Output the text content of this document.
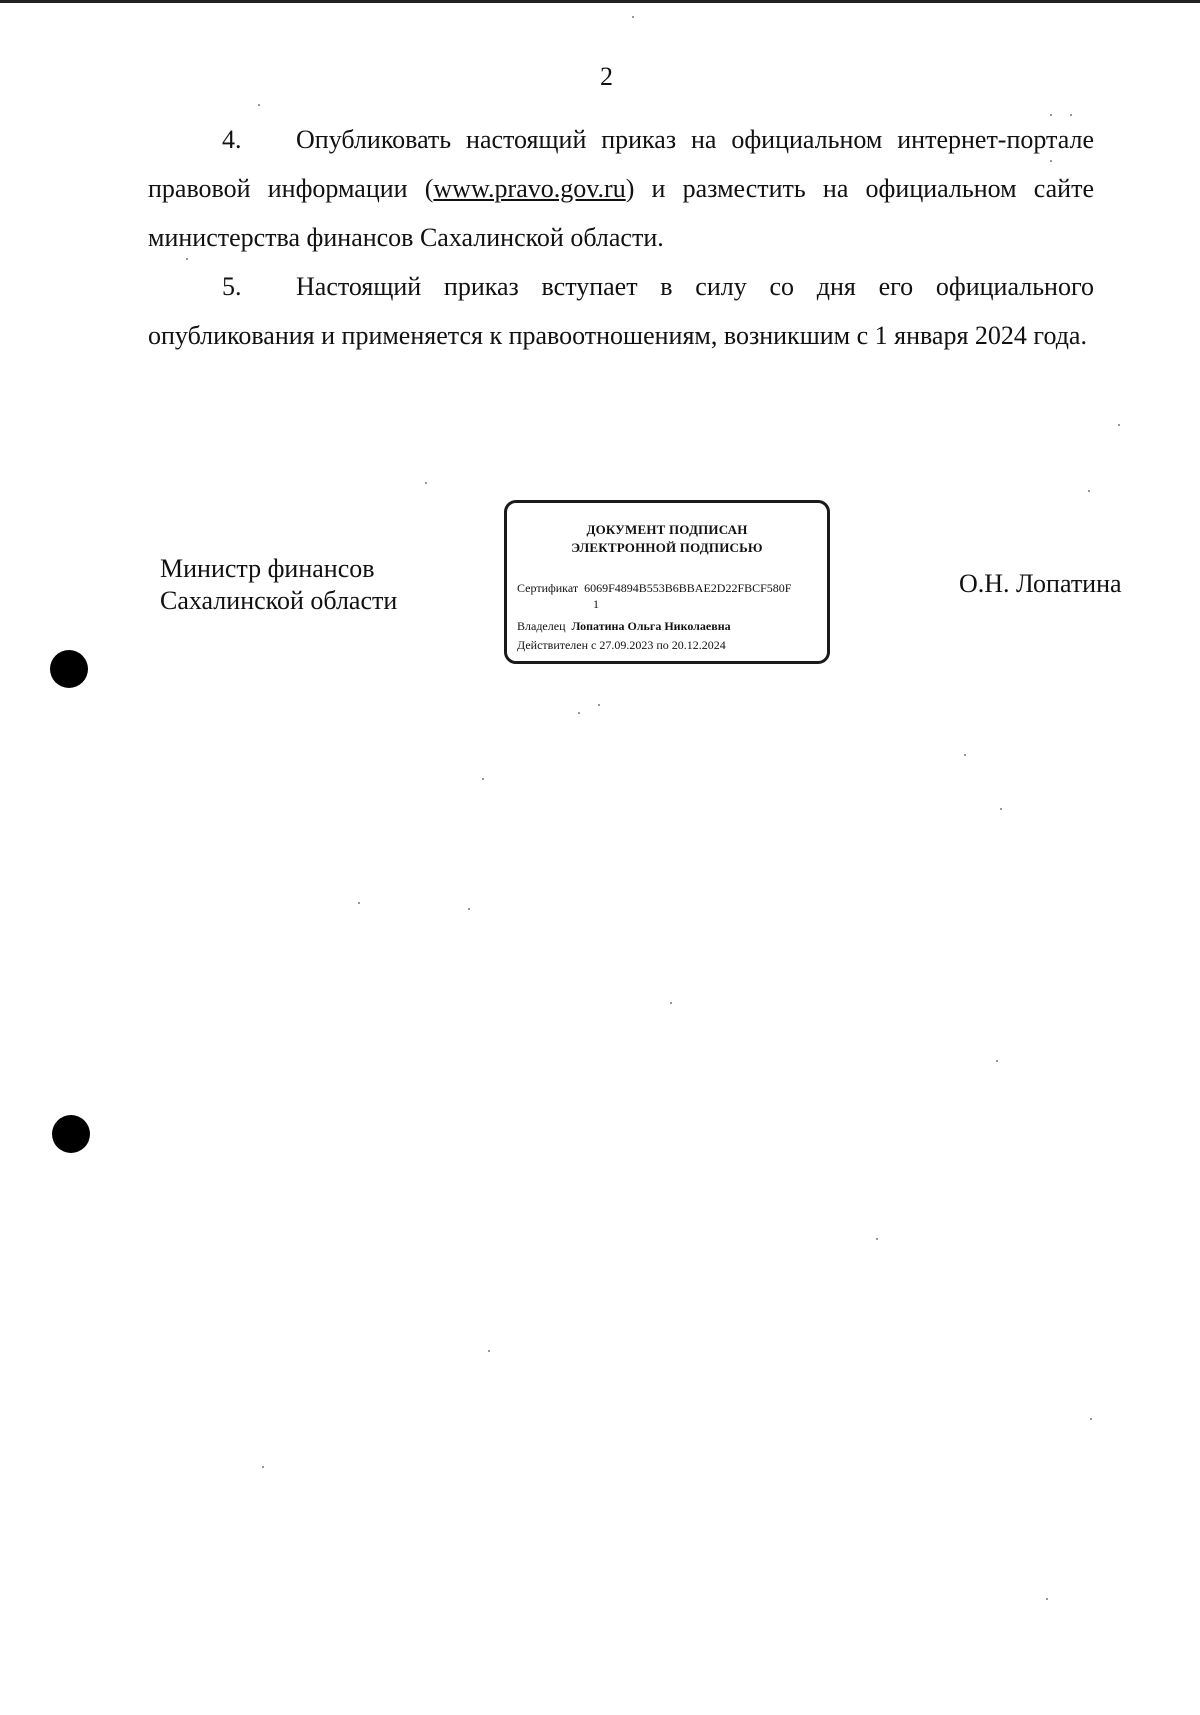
2

4. Опубликовать настоящий приказ на официальном интернет-портале правовой информации (www.pravo.gov.ru) и разместить на официальном сайте министерства финансов Сахалинской области.

5. Настоящий приказ вступает в силу со дня его официального опубликования и применяется к правоотношениям, возникшим с 1 января 2024 года.

Министр финансов
Сахалинской области
ДОКУМЕНТ ПОДПИСАН
ЭЛЕКТРОННОЙ ПОДПИСЬЮ
Сертификат 6069F4894B553B6BBAE2D22FBCF580F
1
Владелец Лопатина Ольга Николаевна
Действителен с 27.09.2023 по 20.12.2024
О.Н. Лопатина
